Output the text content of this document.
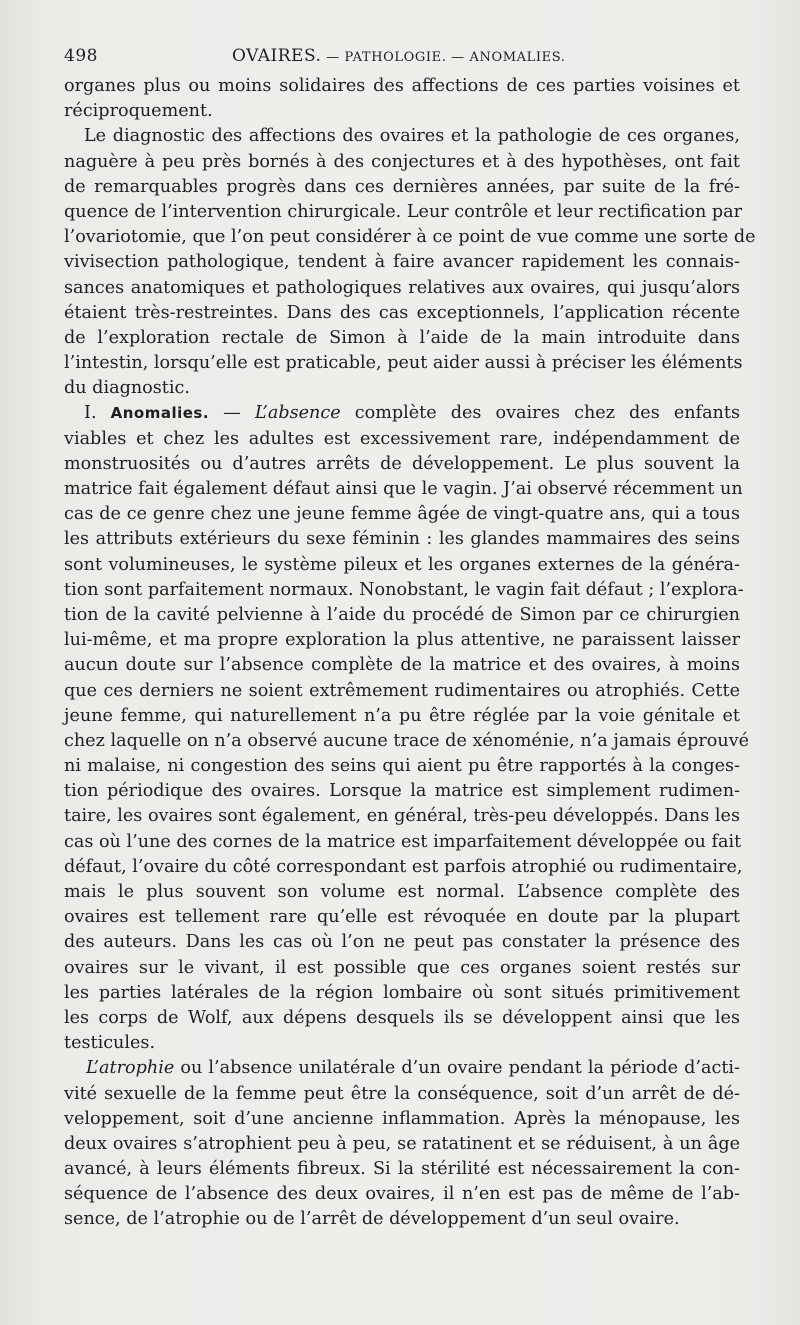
498	OVAIRES. — PATHOLOGIE. — ANOMALIES.
organes plus ou moins solidaires des affections de ces parties voisines et
réciproquement.
Le diagnostic des affections des ovaires et la pathologie de ces organes,
naguère à peu près bornés à des conjectures et à des hypothèses, ont fait
de remarquables progrès dans ces dernières années, par suite de la fré-
quence de l’intervention chirurgicale. Leur contrôle et leur rectification par
l’ovariotomie, que l’on peut considérer à ce point de vue comme une sorte de
vivisection pathologique, tendent à faire avancer rapidement les connais-
sances anatomiques et pathologiques relatives aux ovaires, qui jusqu’alors
étaient très-restreintes. Dans des cas exceptionnels, l’application récente
de l’exploration rectale de Simon à l’aide de la main introduite dans
l’intestin, lorsqu’elle est praticable, peut aider aussi à préciser les éléments
du diagnostic.
I. Anomalies. — L’absence complète des ovaires chez des enfants
viables et chez les adultes est excessivement rare, indépendamment de
monstruosités ou d’autres arrêts de développement. Le plus souvent la
matrice fait également défaut ainsi que le vagin. J’ai observé récemment un
cas de ce genre chez une jeune femme âgée de vingt-quatre ans, qui a tous
les attributs extérieurs du sexe féminin : les glandes mammaires des seins
sont volumineuses, le système pileux et les organes externes de la généra-
tion sont parfaitement normaux. Nonobstant, le vagin fait défaut ; l’explora-
tion de la cavité pelvienne à l’aide du procédé de Simon par ce chirurgien
lui-même, et ma propre exploration la plus attentive, ne paraissent laisser
aucun doute sur l’absence complète de la matrice et des ovaires, à moins
que ces derniers ne soient extrêmement rudimentaires ou atrophiés. Cette
jeune femme, qui naturellement n’a pu être réglée par la voie génitale et
chez laquelle on n’a observé aucune trace de xénoménie, n’a jamais éprouvé
ni malaise, ni congestion des seins qui aient pu être rapportés à la conges-
tion périodique des ovaires. Lorsque la matrice est simplement rudimen-
taire, les ovaires sont également, en général, très-peu développés. Dans les
cas où l’une des cornes de la matrice est imparfaitement développée ou fait
défaut, l’ovaire du côté correspondant est parfois atrophié ou rudimentaire,
mais le plus souvent son volume est normal. L’absence complète des
ovaires est tellement rare qu’elle est révoquée en doute par la plupart
des auteurs. Dans les cas où l’on ne peut pas constater la présence des
ovaires sur le vivant, il est possible que ces organes soient restés sur
les parties latérales de la région lombaire où sont situés primitivement
les corps de Wolf, aux dépens desquels ils se développent ainsi que les
testicules.
L’atrophie ou l’absence unilatérale d’un ovaire pendant la période d’acti-
vité sexuelle de la femme peut être la conséquence, soit d’un arrêt de dé-
veloppement, soit d’une ancienne inflammation. Après la ménopause, les
deux ovaires s’atrophient peu à peu, se ratatinent et se réduisent, à un âge
avancé, à leurs éléments fibreux. Si la stérilité est nécessairement la con-
séquence de l’absence des deux ovaires, il n’en est pas de même de l’ab-
sence, de l’atrophie ou de l’arrêt de développement d’un seul ovaire.
